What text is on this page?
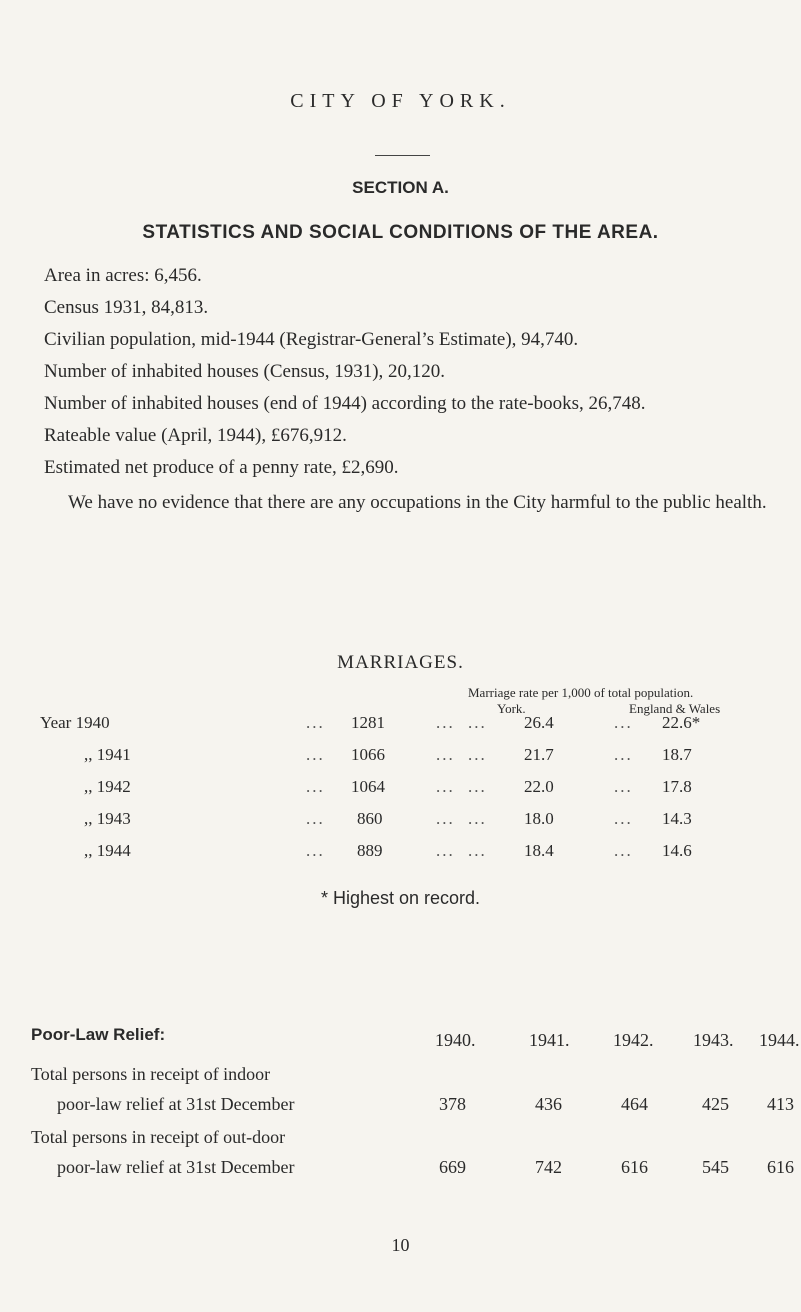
CITY OF YORK.
SECTION A.
STATISTICS AND SOCIAL CONDITIONS OF THE AREA.
Area in acres: 6,456.
Census 1931, 84,813.
Civilian population, mid-1944 (Registrar-General’s Estimate), 94,740.
Number of inhabited houses (Census, 1931), 20,120.
Number of inhabited houses (end of 1944) according to the rate-books, 26,748.
Rateable value (April, 1944), £676,912.
Estimated net produce of a penny rate, £2,690.
We have no evidence that there are any occupations in the City harmful to the public health.
MARRIAGES.
Marriage rate per 1,000 of total population.
York.	England & Wales
Year 1940	... 1281	... ... 26.4	... 22.6*
,, 1941	... 1066	... ... 21.7	... 18.7
,, 1942	... 1064	... ... 22.0	... 17.8
,, 1943	... 860	... ... 18.0	... 14.3
,, 1944	... 889	... ... 18.4	... 14.6
* Highest on record.
Poor-Law Relief:	1940.	1941. 1942. 1943. 1944.
Total persons in receipt of indoor
poor-law relief at 31st December	378	436	464	425 413
Total persons in receipt of out-door
poor-law relief at 31st December	669	742	616	545 616
10
